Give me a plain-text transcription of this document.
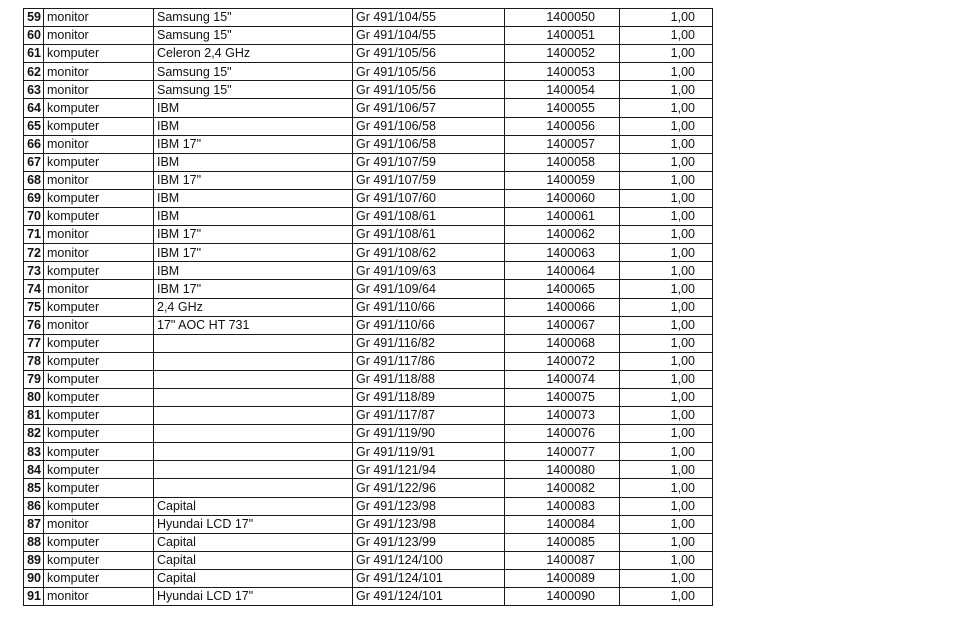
59	monitor	Samsung 15"	Gr 491/104/55	1400050	1,00
60	monitor	Samsung 15"	Gr 491/104/55	1400051	1,00
61	komputer	Celeron 2,4 GHz	Gr 491/105/56	1400052	1,00
62	monitor	Samsung 15"	Gr 491/105/56	1400053	1,00
63	monitor	Samsung 15"	Gr 491/105/56	1400054	1,00
64	komputer	IBM	Gr 491/106/57	1400055	1,00
65	komputer	IBM	Gr 491/106/58	1400056	1,00
66	monitor	IBM 17"	Gr 491/106/58	1400057	1,00
67	komputer	IBM	Gr 491/107/59	1400058	1,00
68	monitor	IBM 17"	Gr 491/107/59	1400059	1,00
69	komputer	IBM	Gr 491/107/60	1400060	1,00
70	komputer	IBM	Gr 491/108/61	1400061	1,00
71	monitor	IBM 17"	Gr 491/108/61	1400062	1,00
72	monitor	IBM 17"	Gr 491/108/62	1400063	1,00
73	komputer	IBM	Gr 491/109/63	1400064	1,00
74	monitor	IBM 17"	Gr 491/109/64	1400065	1,00
75	komputer	2,4 GHz	Gr 491/110/66	1400066	1,00
76	monitor	17" AOC HT 731	Gr 491/110/66	1400067	1,00
77	komputer		Gr 491/116/82	1400068	1,00
78	komputer		Gr 491/117/86	1400072	1,00
79	komputer		Gr 491/118/88	1400074	1,00
80	komputer		Gr 491/118/89	1400075	1,00
81	komputer		Gr 491/117/87	1400073	1,00
82	komputer		Gr 491/119/90	1400076	1,00
83	komputer		Gr 491/119/91	1400077	1,00
84	komputer		Gr 491/121/94	1400080	1,00
85	komputer		Gr 491/122/96	1400082	1,00
86	komputer	Capital	Gr 491/123/98	1400083	1,00
87	monitor	Hyundai LCD 17"	Gr 491/123/98	1400084	1,00
88	komputer	Capital	Gr 491/123/99	1400085	1,00
89	komputer	Capital	Gr 491/124/100	1400087	1,00
90	komputer	Capital	Gr 491/124/101	1400089	1,00
91	monitor	Hyundai LCD 17"	Gr 491/124/101	1400090	1,00
